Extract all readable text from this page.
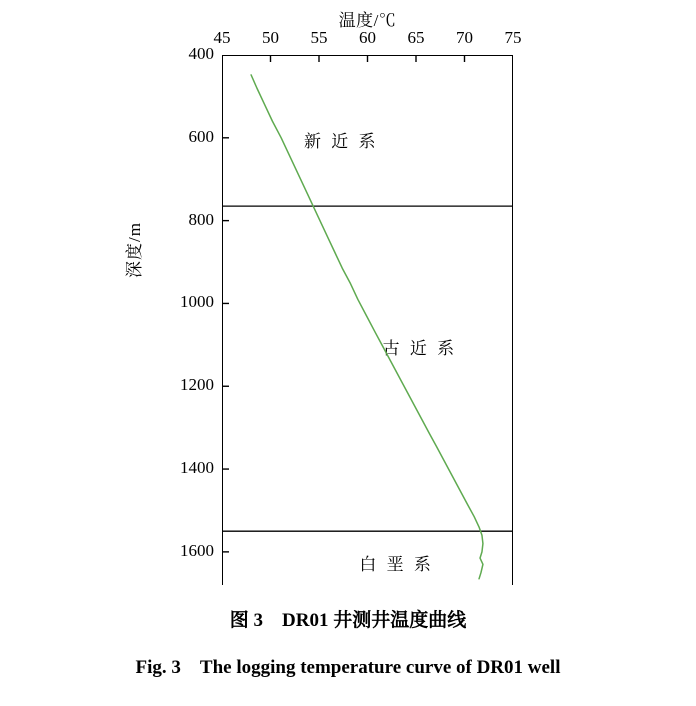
温度/℃
深度/m
45	50	55	60	65	70	75
400
600
800
1000
1200
1400
1600
新 近 系
古 近 系
白 垩 系
图 3　DR01 井测井温度曲线
Fig. 3　The logging temperature curve of DR01 well
